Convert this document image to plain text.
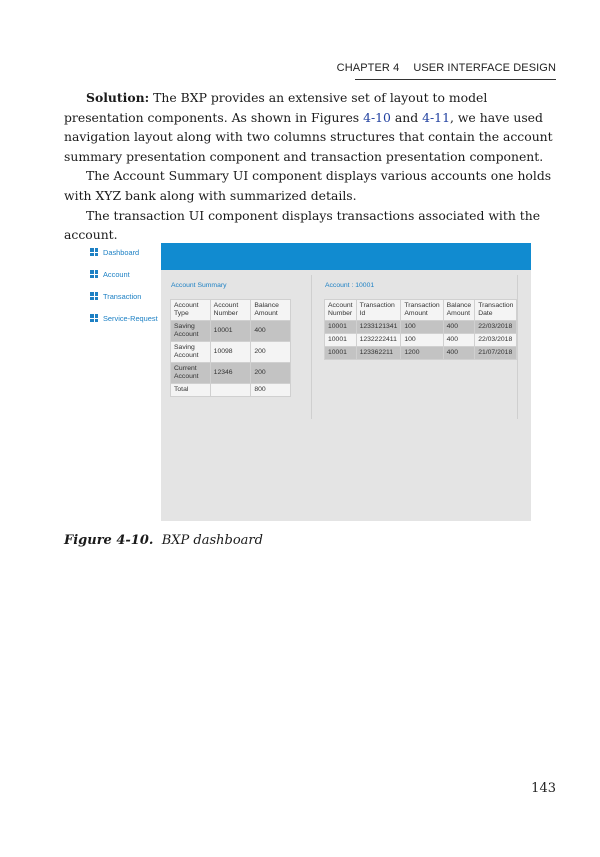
CHAPTER 4 USER INTERFACE DESIGN

Solution: The BXP provides an extensive set of layout to model presentation components. As shown in Figures 4-10 and 4-11, we have used navigation layout along with two columns structures that contain the account summary presentation component and transaction presentation component.

The Account Summary UI component displays various accounts one holds with XYZ bank along with summarized details.

The transaction UI component displays transactions associated with the account.

Dashboard
Account
Transaction
Service-Request
Account Summary
Account Type	Account Number	Balance Amount
Saving Account	10001	400
Saving Account	10098	200
Current Account	12346	200
Total		800
Account : 10001
Account Number	Transaction Id	Transaction Amount	Balance Amount	Transaction Date
10001	1233121341	100	400	22/03/2018
10001	1232222411	100	400	22/03/2018
10001	123362211	1200	400	21/07/2018
Figure 4-10. BXP dashboard
143
